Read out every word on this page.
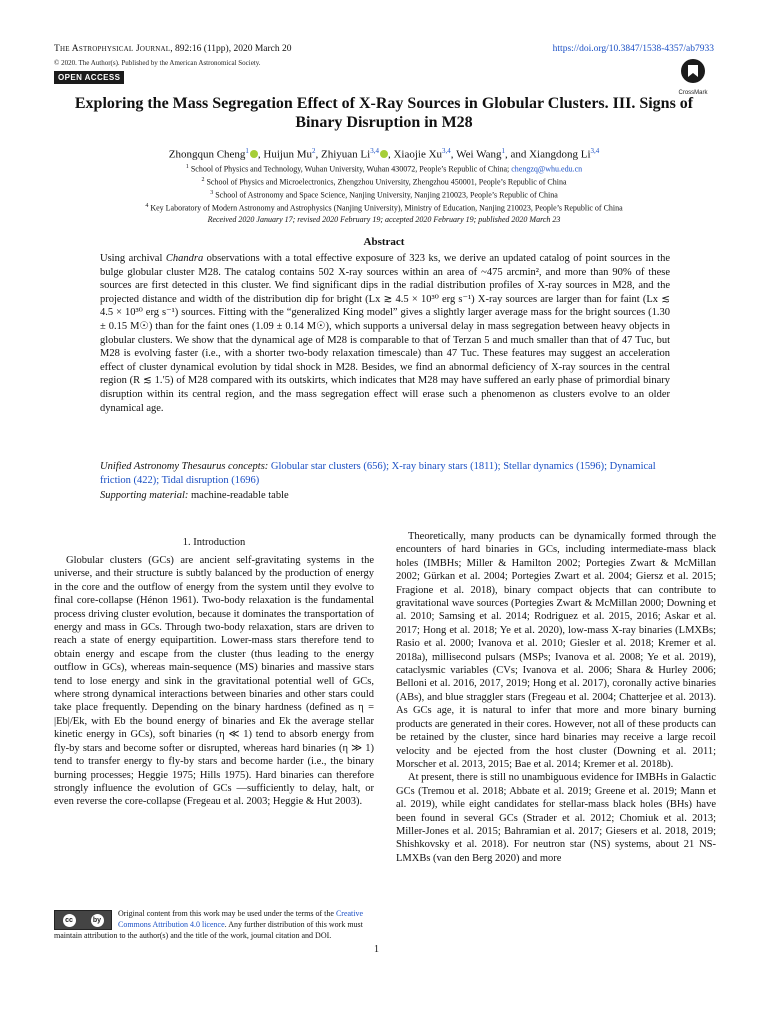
The Astrophysical Journal, 892:16 (11pp), 2020 March 20	https://doi.org/10.3847/1538-4357/ab7933
© 2020. The Author(s). Published by the American Astronomical Society.
OPEN ACCESS
CrossMark
Exploring the Mass Segregation Effect of X-Ray Sources in Globular Clusters. III. Signs of Binary Disruption in M28
Zhongqun Cheng$^1$ , Huijun Mu$^2$, Zhiyuan Li$^{3,4}$ , Xiaojie Xu$^{3,4}$, Wei Wang$^1$, and Xiangdong Li$^{3,4}$
$^1$ School of Physics and Technology, Wuhan University, Wuhan 430072, People’s Republic of China; chengzq@whu.edu.cn
$^2$ School of Physics and Microelectronics, Zhengzhou University, Zhengzhou 450001, People’s Republic of China
$^3$ School of Astronomy and Space Science, Nanjing University, Nanjing 210023, People’s Republic of China
$^4$ Key Laboratory of Modern Astronomy and Astrophysics (Nanjing University), Ministry of Education, Nanjing 210023, People’s Republic of China
Received 2020 January 17; revised 2020 February 19; accepted 2020 February 19; published 2020 March 23
Abstract
Using archival Chandra observations with a total effective exposure of 323 ks, we derive an updated catalog of point sources in the bulge globular cluster M28. The catalog contains 502 X-ray sources within an area of ~475 arcmin², and more than 90% of these sources are first detected in this cluster. We find significant dips in the radial distribution profiles of X-ray sources in M28, and the projected distance and width of the distribution dip for bright (Lx ≳ 4.5 × 10³⁰ erg s⁻¹) X-ray sources are larger than for faint (Lx ≲ 4.5 × 10³⁰ erg s⁻¹) sources. Fitting with the “generalized King model” gives a slightly larger average mass for the bright sources (1.30 ± 0.15 M☉) than for the faint ones (1.09 ± 0.14 M☉), which supports a universal delay in mass segregation between heavy objects in globular clusters. We show that the dynamical age of M28 is comparable to that of Terzan 5 and much smaller than that of 47 Tuc, but M28 is evolving faster (i.e., with a shorter two-body relaxation timescale) than 47 Tuc. These features may suggest an acceleration effect of cluster dynamical evolution by tidal shock in M28. Besides, we find an abnormal deficiency of X-ray sources in the central region (R ≲ 1.′5) of M28 compared with its outskirts, which indicates that M28 may have suffered an early phase of primordial binary disruption within its central region, and the mass segregation effect will erase such a phenomenon as clusters evolve to an older dynamical age.
Unified Astronomy Thesaurus concepts: Globular star clusters (656); X-ray binary stars (1811); Stellar dynamics (1596); Dynamical friction (422); Tidal disruption (1696)
Supporting material: machine-readable table
1. Introduction

Globular clusters (GCs) are ancient self-gravitating systems in the universe, and their structure is subtly balanced by the production of energy in the core and the outflow of energy from the system until they evolve to final core-collapse (Hénon 1961). Two-body relaxation is the fundamental process driving cluster evolution, because it dominates the transportation of energy and mass in GCs. Through two-body relaxation, stars are driven to reach a state of energy equipartition. Lower-mass stars therefore tend to obtain energy and escape from the cluster (thus leading to the energy outflow in GCs), whereas main-sequence (MS) binaries and massive stars tend to lose energy and sink in the gravitational potential well of GCs, where strong dynamical interactions between binaries and other stars could take place frequently. Depending on the binary hardness (defined as η = |Eb|/Ek, with Eb the bound energy of binaries and Ek the average stellar kinetic energy in GCs), soft binaries (η ≪ 1) tend to absorb energy from fly-by stars and become softer or disrupted, whereas hard binaries (η ≫ 1) tend to transfer energy to fly-by stars and become harder (i.e., the binary burning processes; Heggie 1975; Hills 1975). Hard binaries can therefore strongly influence the evolution of GCs —sufficiently to delay, halt, or even reverse the core-collapse (Fregeau et al. 2003; Heggie & Hut 2003).

Theoretically, many products can be dynamically formed through the encounters of hard binaries in GCs, including intermediate-mass black holes (IMBHs; Miller & Hamilton 2002; Portegies Zwart & McMillan 2002; Gürkan et al. 2004; Portegies Zwart et al. 2004; Giersz et al. 2015; Fragione et al. 2018), binary compact objects that can contribute to gravitational wave sources (Portegies Zwart & McMillan 2000; Downing et al. 2010; Samsing et al. 2014; Rodriguez et al. 2015, 2016; Askar et al. 2017; Hong et al. 2018; Ye et al. 2020), low-mass X-ray binaries (LMXBs; Rasio et al. 2000; Ivanova et al. 2010; Giesler et al. 2018; Kremer et al. 2018a), millisecond pulsars (MSPs; Ivanova et al. 2008; Ye et al. 2019), cataclysmic variables (CVs; Ivanova et al. 2006; Shara & Hurley 2006; Belloni et al. 2016, 2017, 2019; Hong et al. 2017), coronally active binaries (ABs), and blue straggler stars (Fregeau et al. 2004; Chatterjee et al. 2013). As GCs age, it is natural to infer that more and more binary burning products are generated in their cores. However, not all of these products can be retained by the cluster, since hard binaries may receive a large recoil velocity and be ejected from the host cluster (Downing et al. 2011; Morscher et al. 2013, 2015; Bae et al. 2014; Kremer et al. 2018b).

At present, there is still no unambiguous evidence for IMBHs in Galactic GCs (Tremou et al. 2018; Abbate et al. 2019; Greene et al. 2019; Mann et al. 2019), while eight candidates for stellar-mass black holes (BHs) have been found in several GCs (Strader et al. 2012; Chomiuk et al. 2013; Miller-Jones et al. 2015; Bahramian et al. 2017; Giesers et al. 2018, 2019; Shishkovsky et al. 2018). For neutron star (NS) systems, about 21 NS-LMXBs (van den Berg 2020) and more

cc	by
Original content from this work may be used under the terms of the Creative Commons Attribution 4.0 licence. Any further distribution of this work must maintain attribution to the author(s) and the title of the work, journal citation and DOI.
1
